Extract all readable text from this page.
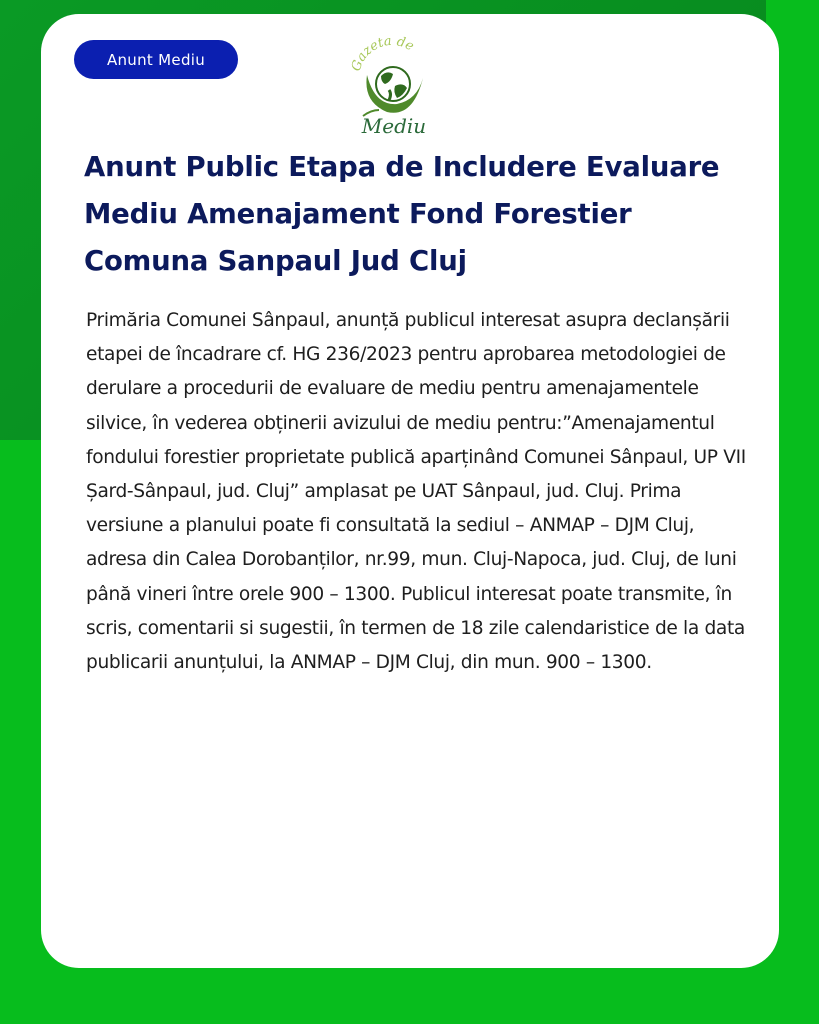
Anunt Mediu	Gazeta de
Mediu
Anunt Public Etapa de Includere Evaluare Mediu Amenajament Fond Forestier Comuna Sanpaul Jud Cluj

Primăria Comunei Sânpaul, anunță publicul interesat asupra declanșării etapei de încadrare cf. HG 236/2023 pentru aprobarea metodologiei de derulare a procedurii de evaluare de mediu pentru amenajamentele silvice, în vederea obținerii avizului de mediu pentru:”Amenajamentul fondului forestier proprietate publică aparținând Comunei Sânpaul, UP VII Șard-Sânpaul, jud. Cluj” amplasat pe UAT Sânpaul, jud. Cluj. Prima versiune a planului poate fi consultată la sediul – ANMAP – DJM Cluj, adresa din Calea Dorobanților, nr.99, mun. Cluj-Napoca, jud. Cluj, de luni până vineri între orele 900 – 1300. Publicul interesat poate transmite, în scris, comentarii si sugestii, în termen de 18 zile calendaristice de la data publicarii anunțului, la ANMAP – DJM Cluj, din mun. 900 – 1300.
